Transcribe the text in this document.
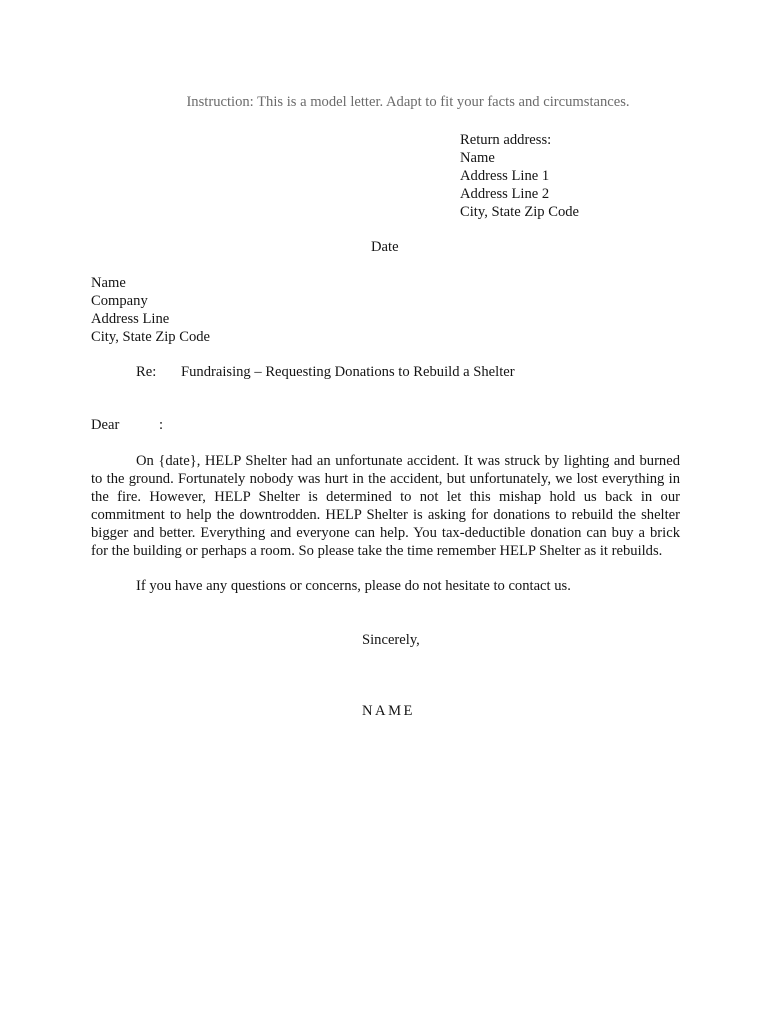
Instruction: This is a model letter. Adapt to fit your facts and circumstances.
Return address:
Name
Address Line 1
Address Line 2
City, State Zip Code
Date
Name
Company
Address Line
City, State Zip Code
Re: Fundraising – Requesting Donations to Rebuild a Shelter
Dear	:
On {date}, HELP Shelter had an unfortunate accident. It was struck by lighting and burned to the ground. Fortunately nobody was hurt in the accident, but unfortunately, we lost everything in the fire. However, HELP Shelter is determined to not let this mishap hold us back in our commitment to help the downtrodden. HELP Shelter is asking for donations to rebuild the shelter bigger and better. Everything and everyone can help. You tax-deductible donation can buy a brick for the building or perhaps a room. So please take the time remember HELP Shelter as it rebuilds.
If you have any questions or concerns, please do not hesitate to contact us.
Sincerely,
NAME
